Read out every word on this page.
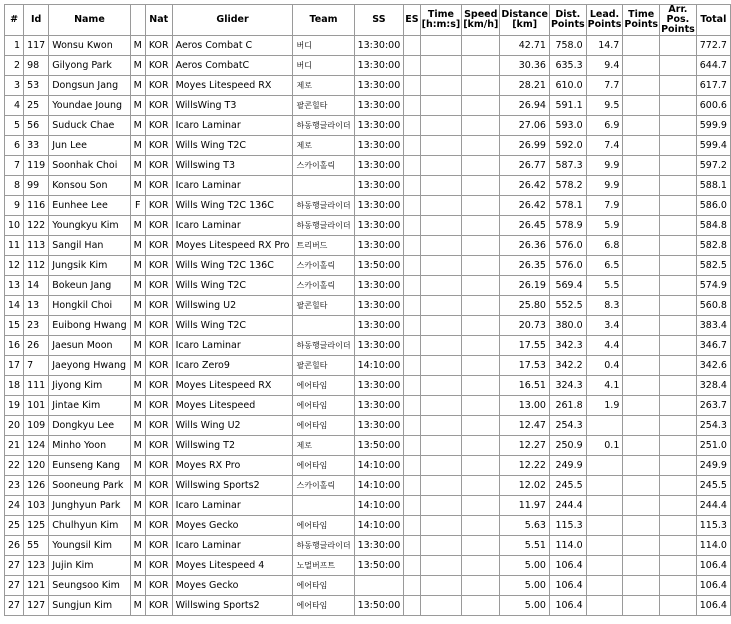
#	Id	Name		Nat	Glider	Team	SS	ES	Time [h:m:s]	Speed [km/h]	Distance [km]	Dist. Points	Lead. Points	Time Points	Arr. Pos. Points	Total
1	117	Wonsu Kwon	M	KOR	Aeros Combat C	버디	13:30:00				42.71	758.0	14.7			772.7
2	98	Gilyong Park	M	KOR	Aeros CombatC	버디	13:30:00				30.36	635.3	9.4			644.7
3	53	Dongsun Jang	M	KOR	Moyes Litespeed RX	제로	13:30:00				28.21	610.0	7.7			617.7
4	25	Youndae Joung	M	KOR	WillsWing T3	팔콘힐타	13:30:00				26.94	591.1	9.5			600.6
5	56	Suduck Chae	M	KOR	Icaro Laminar	하동행글라이더	13:30:00				27.06	593.0	6.9			599.9
6	33	Jun Lee	M	KOR	Wills Wing T2C	제로	13:30:00				26.99	592.0	7.4			599.4
7	119	Soonhak Choi	M	KOR	Willswing T3	스카이홀릭	13:30:00				26.77	587.3	9.9			597.2
8	99	Konsou Son	M	KOR	Icaro Laminar		13:30:00				26.42	578.2	9.9			588.1
9	116	Eunhee Lee	F	KOR	Wills Wing T2C 136C	하동행글라이더	13:30:00				26.42	578.1	7.9			586.0
10	122	Youngkyu Kim	M	KOR	Icaro Laminar	하동행글라이더	13:30:00				26.45	578.9	5.9			584.8
11	113	Sangil Han	M	KOR	Moyes Litespeed RX Pro	트리버드	13:30:00				26.36	576.0	6.8			582.8
12	112	Jungsik Kim	M	KOR	Wills Wing T2C 136C	스카이홀릭	13:50:00				26.35	576.0	6.5			582.5
13	14	Bokeun Jang	M	KOR	Wills Wing T2C	스카이홀릭	13:30:00				26.19	569.4	5.5			574.9
14	13	Hongkil Choi	M	KOR	Willswing U2	팔콘힐타	13:30:00				25.80	552.5	8.3			560.8
15	23	Euibong Hwang	M	KOR	Wills Wing T2C		13:30:00				20.73	380.0	3.4			383.4
16	26	Jaesun Moon	M	KOR	Icaro Laminar	하동행글라이더	13:30:00				17.55	342.3	4.4			346.7
17	7	Jaeyong Hwang	M	KOR	Icaro Zero9	팔콘힐타	14:10:00				17.53	342.2	0.4			342.6
18	111	Jiyong Kim	M	KOR	Moyes Litespeed RX	에어타임	13:30:00				16.51	324.3	4.1			328.4
19	101	Jintae Kim	M	KOR	Moyes Litespeed	에어타임	13:30:00				13.00	261.8	1.9			263.7
20	109	Dongkyu Lee	M	KOR	Wills Wing U2	에어타임	13:30:00				12.47	254.3				254.3
21	124	Minho Yoon	M	KOR	Willswing T2	제로	13:50:00				12.27	250.9	0.1			251.0
22	120	Eunseng Kang	M	KOR	Moyes RX Pro	에어타임	14:10:00				12.22	249.9				249.9
23	126	Sooneung Park	M	KOR	Willswing Sports2	스카이홀릭	14:10:00				12.02	245.5				245.5
24	103	Junghyun Park	M	KOR	Icaro Laminar		14:10:00				11.97	244.4				244.4
25	125	Chulhyun Kim	M	KOR	Moyes Gecko	에어타임	14:10:00				5.63	115.3				115.3
26	55	Youngsil Kim	M	KOR	Icaro Laminar	하동행글라이더	13:30:00				5.51	114.0				114.0
27	123	Jujin Kim	M	KOR	Moyes Litespeed 4	노멀버프트	13:50:00				5.00	106.4				106.4
27	121	Seungsoo Kim	M	KOR	Moyes Gecko	에어타임					5.00	106.4				106.4
27	127	Sungjun Kim	M	KOR	Willswing Sports2	에어타임	13:50:00				5.00	106.4				106.4
